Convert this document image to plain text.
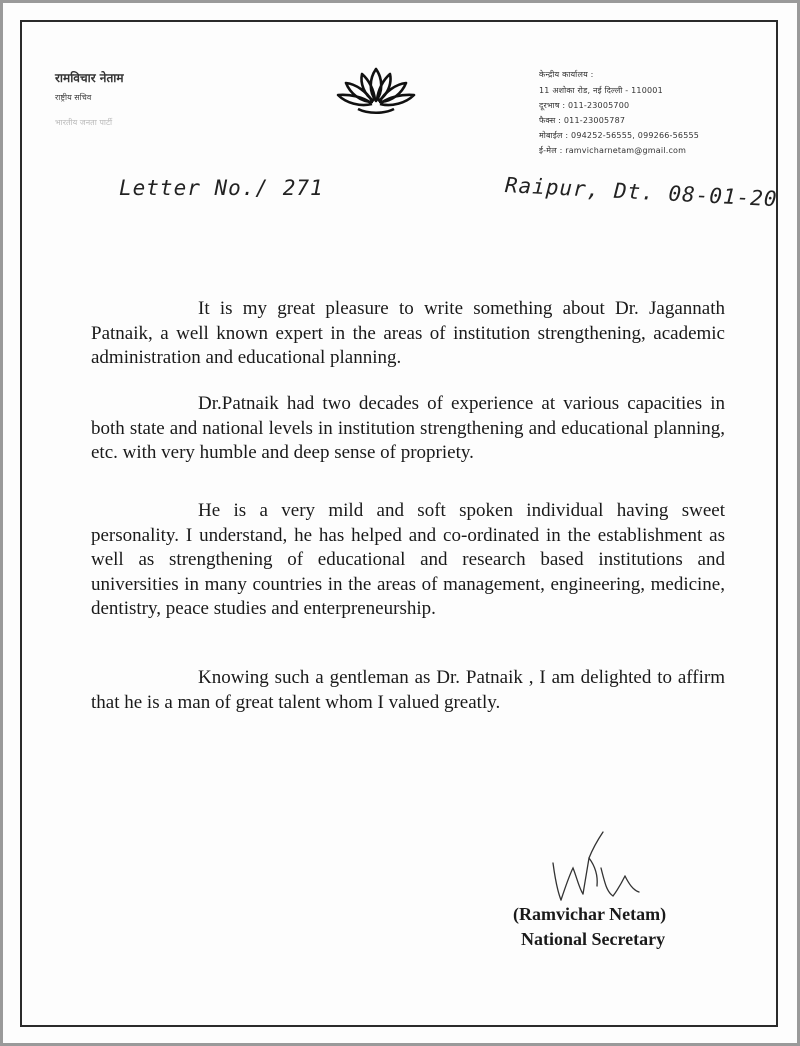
रामविचार नेताम
राष्ट्रीय सचिव
भारतीय जनता पार्टी
केन्द्रीय कार्यालय :
11 अशोका रोड, नई दिल्ली - 110001
दूरभाष : 011-23005700
फैक्स : 011-23005787
मोबाईल : 094252-56555, 099266-56555
ई-मेल : ramvicharnetam@gmail.com
Letter No./ 271	Raipur, Dt. 08-01-20

It is my great pleasure to write something about Dr. Jagannath Patnaik, a well known expert in the areas of institution strengthening, academic administration and educational planning.

Dr.Patnaik had two decades of experience at various capacities in both state and national levels in institution strengthening and educational planning, etc. with very humble and deep sense of propriety.

He is a very mild and soft spoken individual having sweet personality. I understand, he has helped and co-ordinated in the establishment as well as strengthening of educational and research based institutions and universities in many countries in the areas of management, engineering, medicine, dentistry, peace studies and enterpreneurship.

Knowing such a gentleman as Dr. Patnaik , I am delighted to affirm that he is a man of great talent whom I valued greatly.

(Ramvichar Netam)
National Secretary
